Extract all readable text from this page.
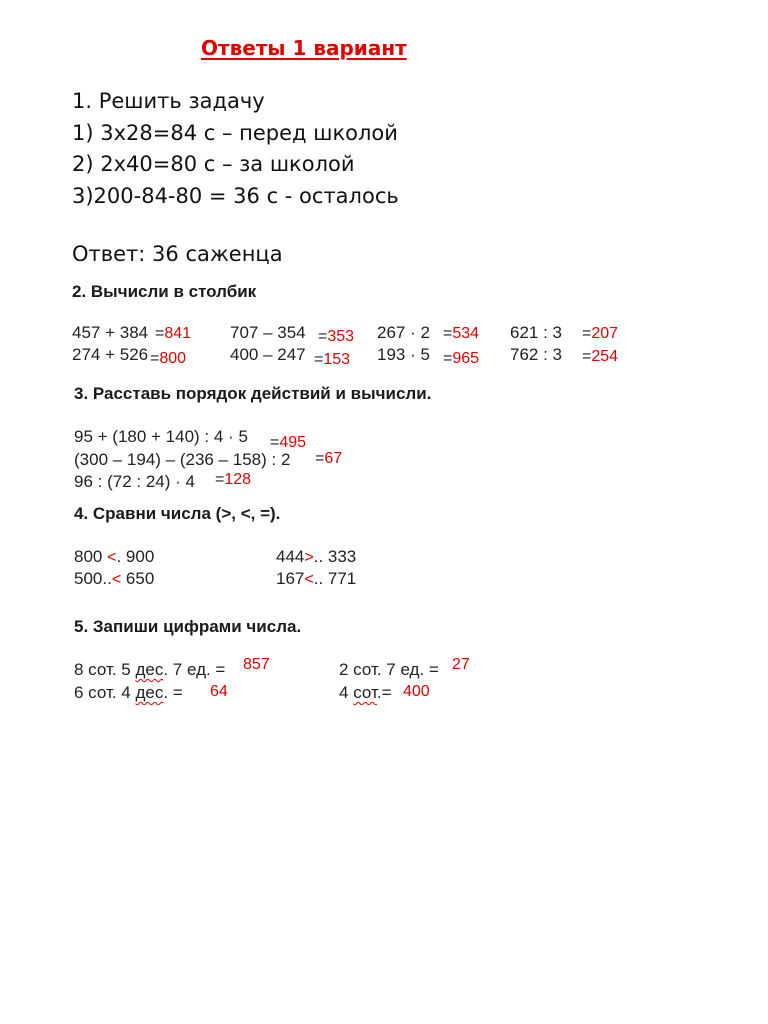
Ответы 1 вариант
1. Решить задачу
1) 3х28=84 с – перед школой
2) 2х40=80 с – за школой
3)200-84-80 = 36 с - осталось
Ответ: 36 саженца
2. Вычисли в столбик
457 + 384 =841
274 + 526 =800
707 – 354 =353
400 – 247 =153
267 · 2 =534
193 · 5 =965
621 : 3 =207
762 : 3 =254
3. Расставь порядок действий и вычисли.
95 + (180 + 140) : 4 · 5 =495
(300 – 194) – (236 – 158) : 2 =67
96 : (72 : 24) · 4 =128
4. Сравни числа (>, <, =).
800 <. 900
500..< 650
444>.. 333
167<.. 771
5. Запиши цифрами числа.
8 сот. 5 дес. 7 ед. = 857
6 сот. 4 дес. = 64
2 сот. 7 ед. = 27
4 сот.= 400
